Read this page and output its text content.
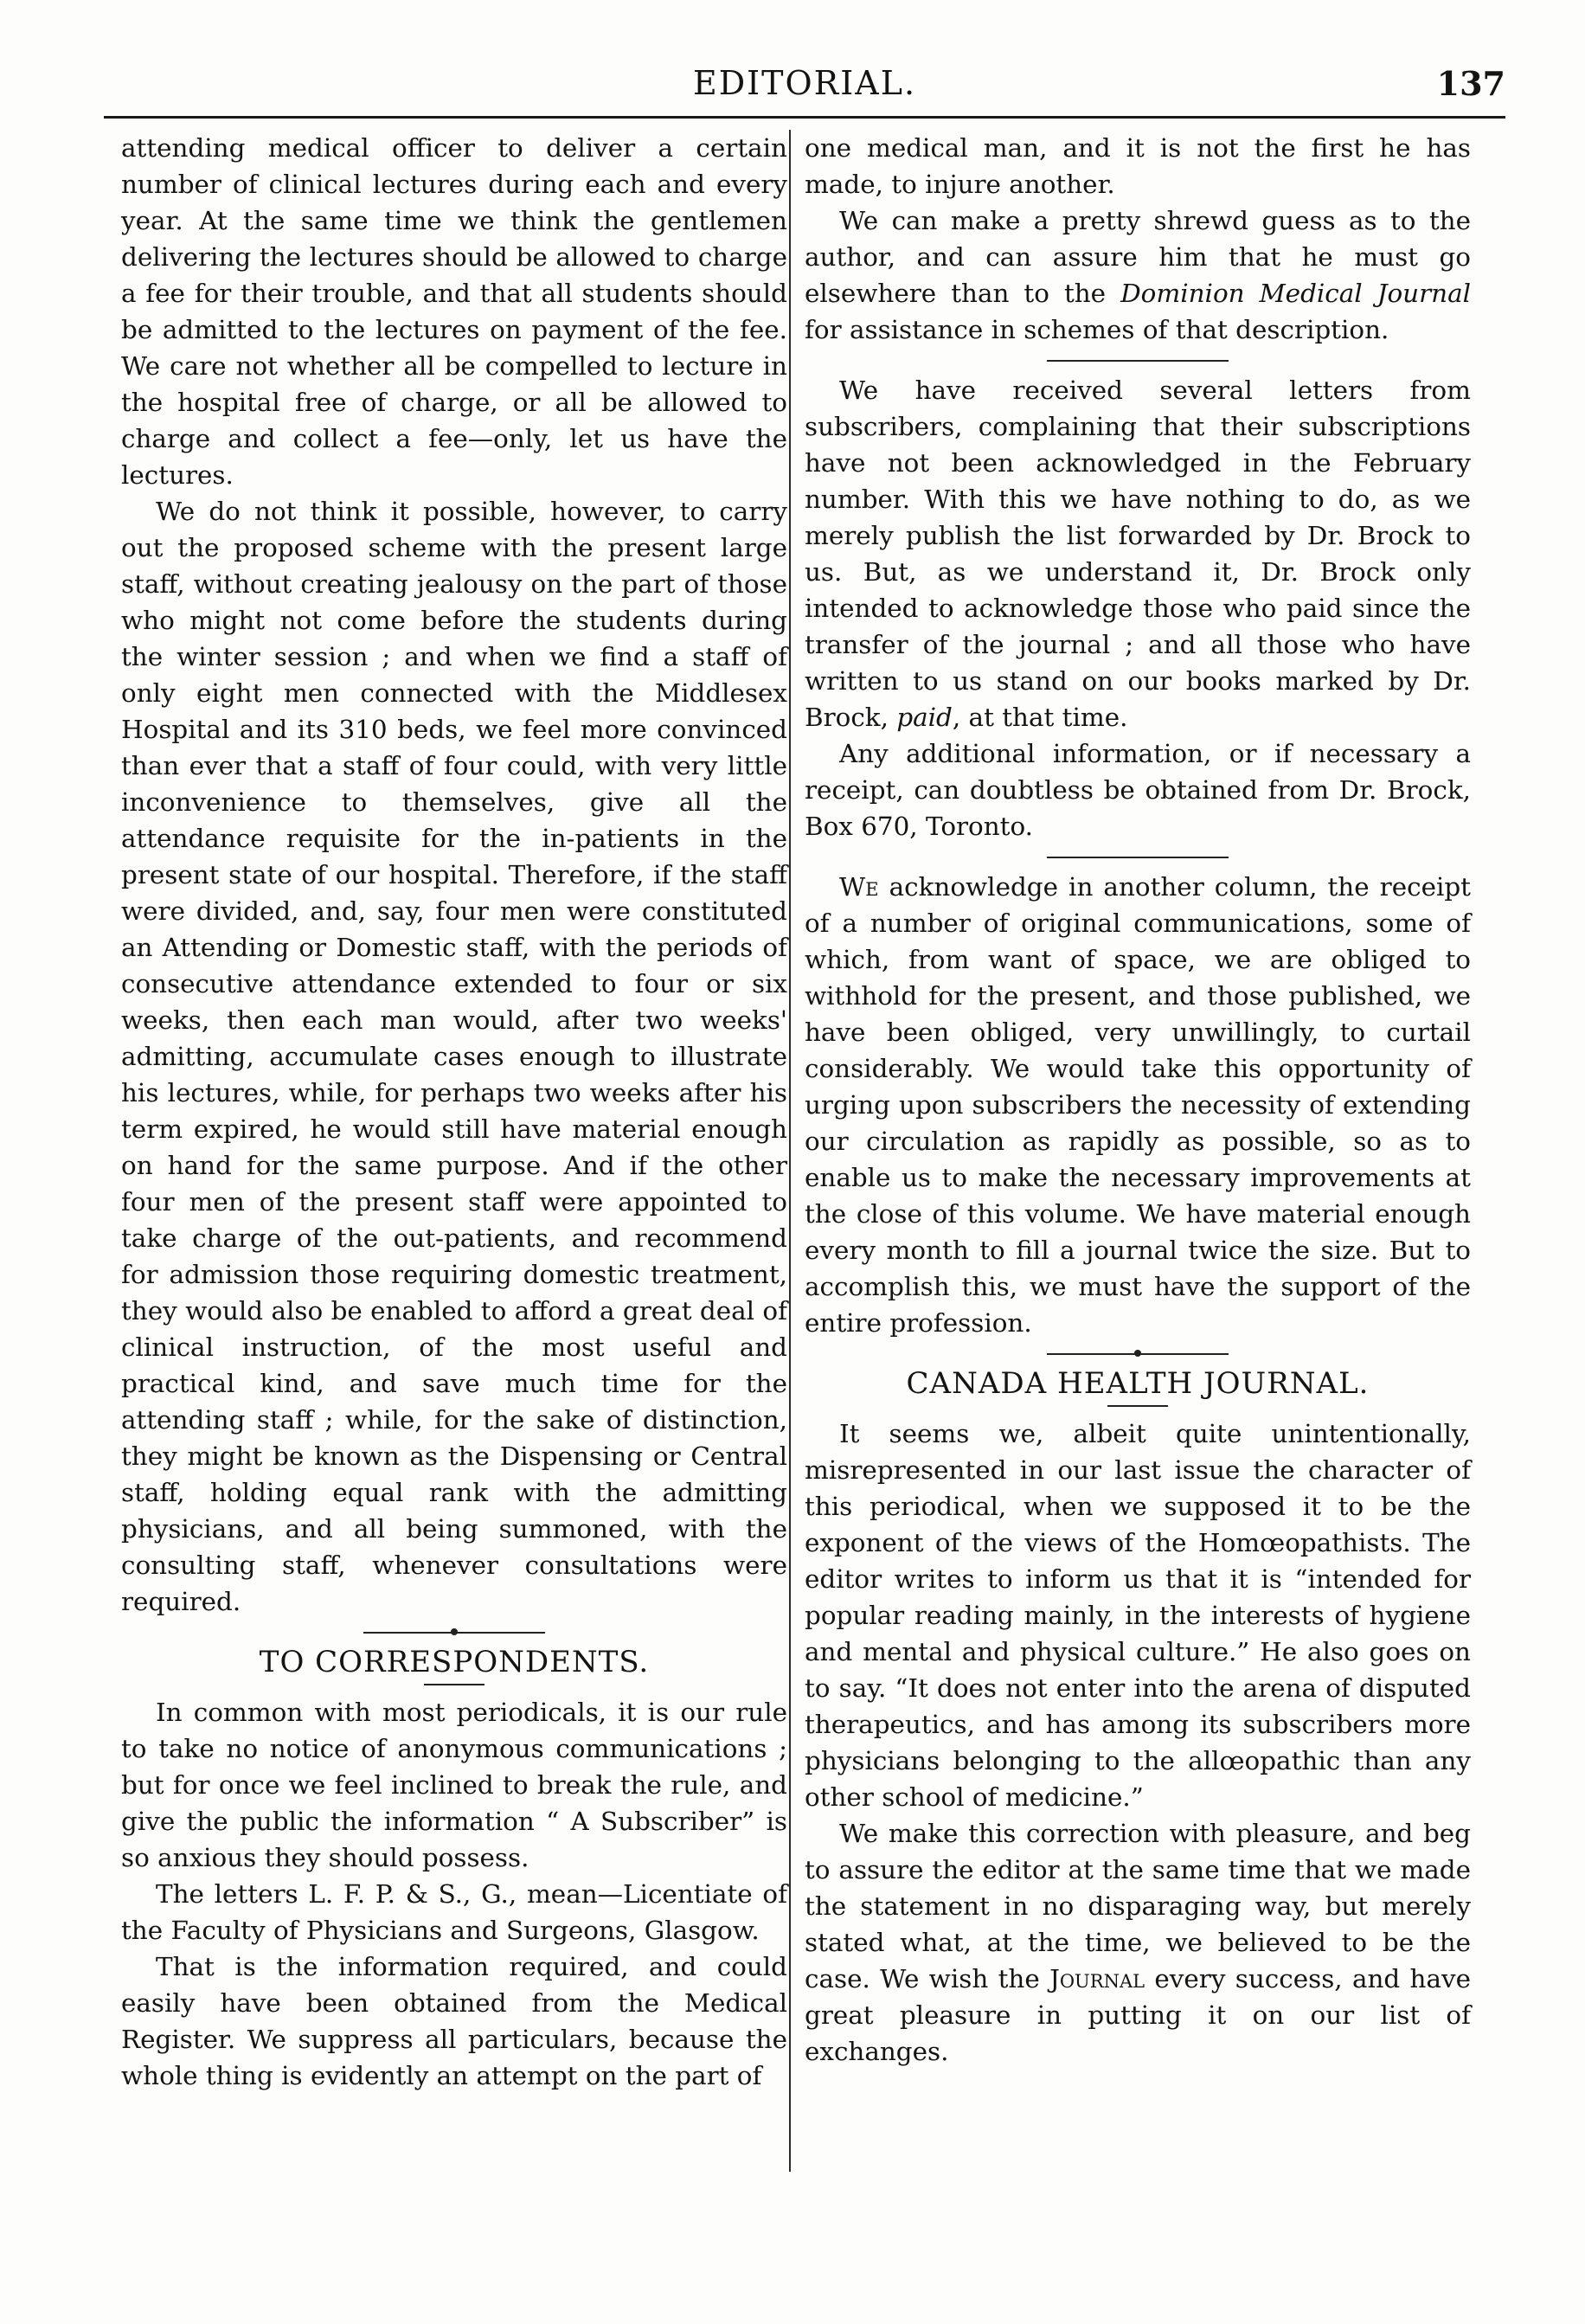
EDITORIAL.	137

attending medical officer to deliver a certain number of clinical lectures during each and every year. At the same time we think the gentlemen delivering the lectures should be allowed to charge a fee for their trouble, and that all students should be admitted to the lectures on payment of the fee. We care not whether all be compelled to lecture in the hospital free of charge, or all be allowed to charge and collect a fee—only, let us have the lectures.

We do not think it possible, however, to carry out the proposed scheme with the present large staff, without creating jealousy on the part of those who might not come before the students during the winter session ; and when we find a staff of only eight men connected with the Middlesex Hospital and its 310 beds, we feel more convinced than ever that a staff of four could, with very little inconvenience to themselves, give all the attendance requisite for the in-patients in the present state of our hospital. Therefore, if the staff were divided, and, say, four men were constituted an Attending or Domestic staff, with the periods of consecutive attendance extended to four or six weeks, then each man would, after two weeks' admitting, accumulate cases enough to illustrate his lectures, while, for perhaps two weeks after his term expired, he would still have material enough on hand for the same purpose. And if the other four men of the present staff were appointed to take charge of the out-patients, and recommend for admission those requiring domestic treatment, they would also be enabled to afford a great deal of clinical instruction, of the most useful and practical kind, and save much time for the attending staff ; while, for the sake of distinction, they might be known as the Dispensing or Central staff, holding equal rank with the admitting physicians, and all being summoned, with the consulting staff, whenever consultations were required.

TO CORRESPONDENTS.

In common with most periodicals, it is our rule to take no notice of anonymous communications ; but for once we feel inclined to break the rule, and give the public the information “ A Subscriber” is so anxious they should possess.

The letters L. F. P. & S., G., mean—Licentiate of the Faculty of Physicians and Surgeons, Glasgow.

That is the information required, and could easily have been obtained from the Medical Register. We suppress all particulars, because the whole thing is evidently an attempt on the part of

one medical man, and it is not the first he has made, to injure another.

We can make a pretty shrewd guess as to the author, and can assure him that he must go elsewhere than to the Dominion Medical Journal for assistance in schemes of that description.

We have received several letters from subscribers, complaining that their subscriptions have not been acknowledged in the February number. With this we have nothing to do, as we merely publish the list forwarded by Dr. Brock to us. But, as we understand it, Dr. Brock only intended to acknowledge those who paid since the transfer of the journal ; and all those who have written to us stand on our books marked by Dr. Brock, paid, at that time.

Any additional information, or if necessary a receipt, can doubtless be obtained from Dr. Brock, Box 670, Toronto.

We acknowledge in another column, the receipt of a number of original communications, some of which, from want of space, we are obliged to withhold for the present, and those published, we have been obliged, very unwillingly, to curtail considerably. We would take this opportunity of urging upon subscribers the necessity of extending our circulation as rapidly as possible, so as to enable us to make the necessary improvements at the close of this volume. We have material enough every month to fill a journal twice the size. But to accomplish this, we must have the support of the entire profession.

CANADA HEALTH JOURNAL.

It seems we, albeit quite unintentionally, misrepresented in our last issue the character of this periodical, when we supposed it to be the exponent of the views of the Homœopathists. The editor writes to inform us that it is “intended for popular reading mainly, in the interests of hygiene and mental and physical culture.” He also goes on to say. “It does not enter into the arena of disputed therapeutics, and has among its subscribers more physicians belonging to the allœopathic than any other school of medicine.”

We make this correction with pleasure, and beg to assure the editor at the same time that we made the statement in no disparaging way, but merely stated what, at the time, we believed to be the case. We wish the Journal every success, and have great pleasure in putting it on our list of exchanges.
